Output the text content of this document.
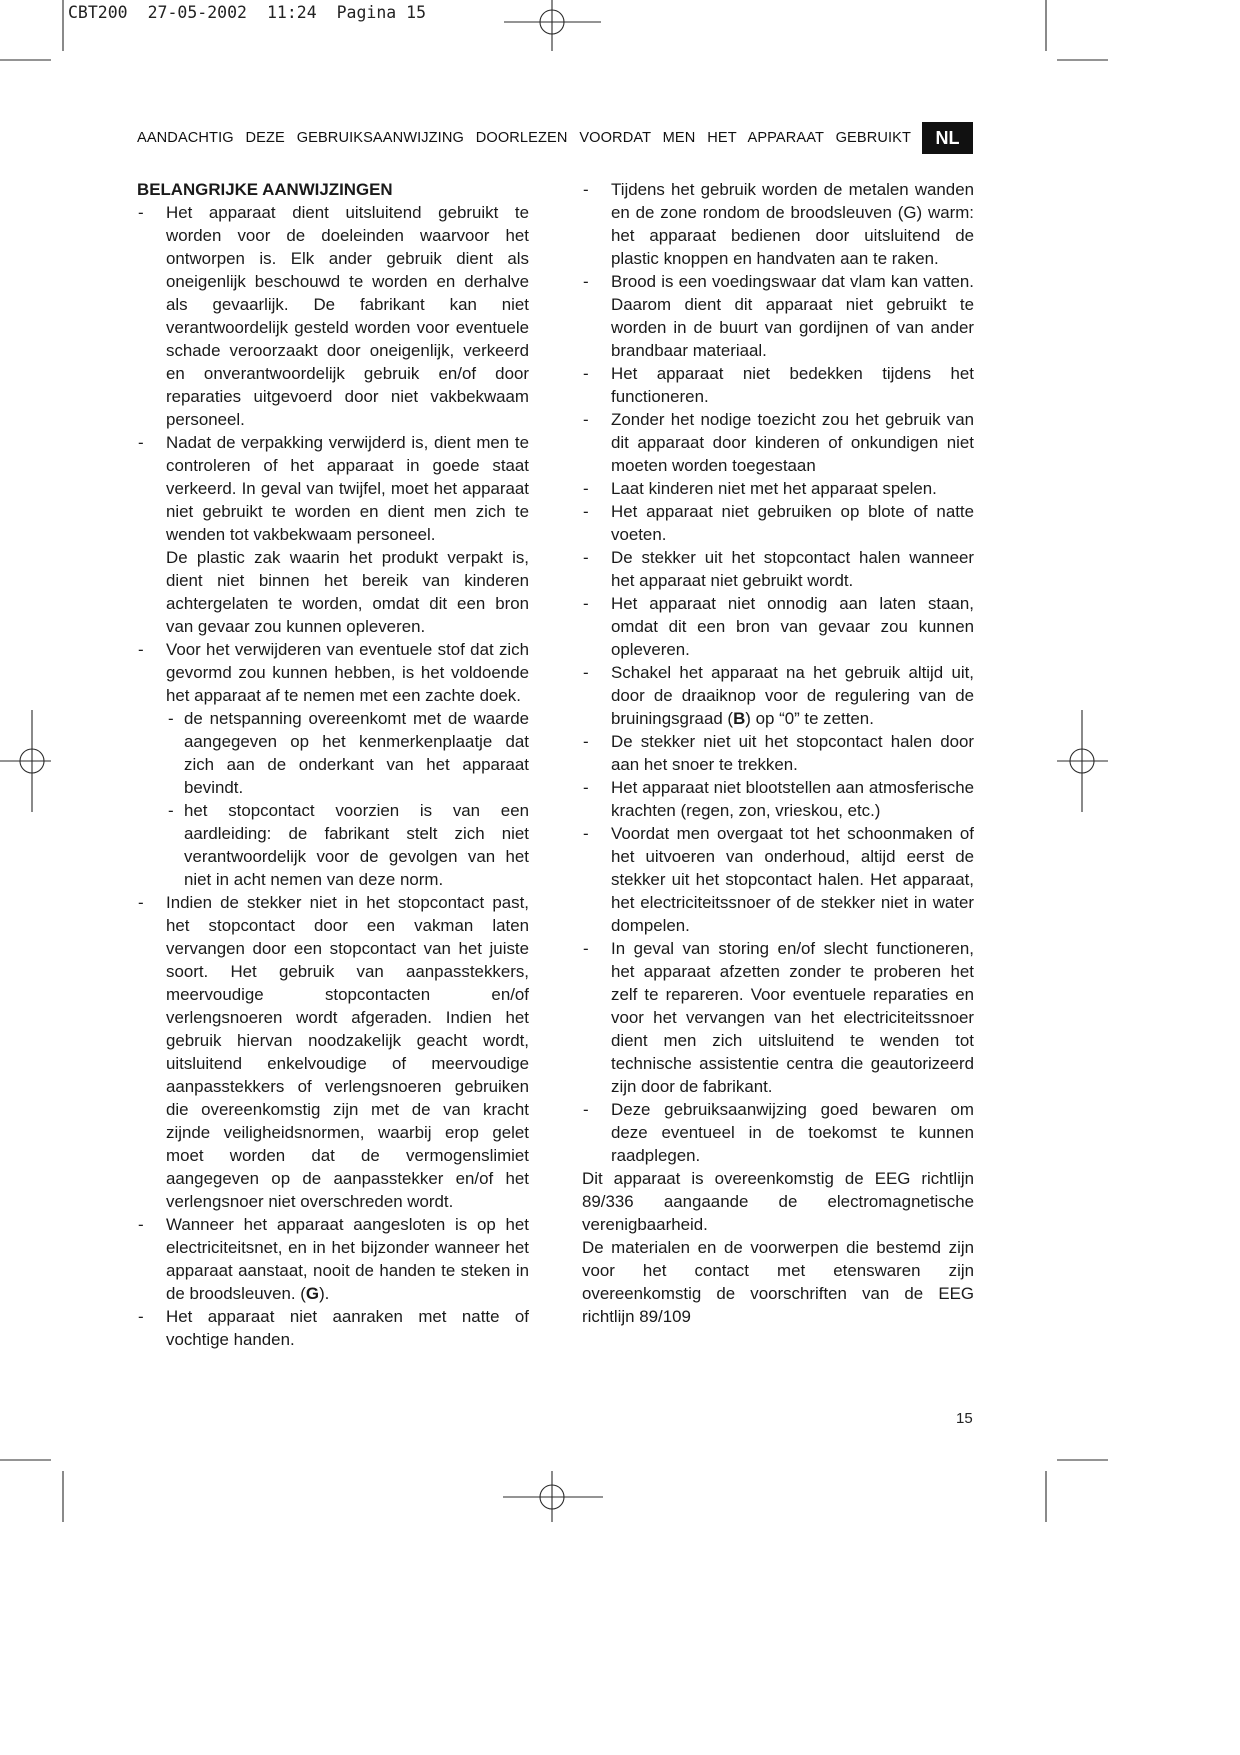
CBT200 27-05-2002 11:24 Pagina 15
AANDACHTIG DEZE GEBRUIKSAANWIJZING DOORLEZEN VOORDAT MEN HET APPARAAT GEBRUIKT	NL
BELANGRIJKE AANWIJZINGEN
- Het apparaat dient uitsluitend gebruikt te worden voor de doeleinden waarvoor het ontworpen is. Elk ander gebruik dient als oneigenlijk beschouwd te worden en derhalve als gevaarlijk. De fabrikant kan niet verantwoordelijk gesteld worden voor eventuele schade veroorzaakt door oneigenlijk, verkeerd en onverantwoordelijk gebruik en/of door reparaties uitgevoerd door niet vakbekwaam personeel.
- Nadat de verpakking verwijderd is, dient men te controleren of het apparaat in goede staat verkeerd. In geval van twijfel, moet het apparaat niet gebruikt te worden en dient men zich te wenden tot vakbekwaam personeel.
De plastic zak waarin het produkt verpakt is, dient niet binnen het bereik van kinderen achtergelaten te worden, omdat dit een bron van gevaar zou kunnen opleveren.
- Voor het verwijderen van eventuele stof dat zich gevormd zou kunnen hebben, is het voldoende het apparaat af te nemen met een zachte doek.
- de netspanning overeenkomt met de waarde aangegeven op het kenmerkenplaatje dat zich aan de onderkant van het apparaat bevindt.
- het stopcontact voorzien is van een aardleiding: de fabrikant stelt zich niet verantwoordelijk voor de gevolgen van het niet in acht nemen van deze norm.
- Indien de stekker niet in het stopcontact past, het stopcontact door een vakman laten vervangen door een stopcontact van het juiste soort. Het gebruik van aanpasstekkers, meervoudige stopcontacten en/of verlengsnoeren wordt afgeraden. Indien het gebruik hiervan noodzakelijk geacht wordt, uitsluitend enkelvoudige of meervoudige aanpasstekkers of verlengsnoeren gebruiken die overeenkomstig zijn met de van kracht zijnde veiligheidsnormen, waarbij erop gelet moet worden dat de vermogenslimiet aangegeven op de aanpasstekker en/of het verlengsnoer niet overschreden wordt.
- Wanneer het apparaat aangesloten is op het electriciteitsnet, en in het bijzonder wanneer het apparaat aanstaat, nooit de handen te steken in de broodsleuven. (G).
- Het apparaat niet aanraken met natte of vochtige handen.
- Tijdens het gebruik worden de metalen wanden en de zone rondom de broodsleuven (G) warm: het apparaat bedienen door uitsluitend de plastic knoppen en handvaten aan te raken.
- Brood is een voedingswaar dat vlam kan vatten. Daarom dient dit apparaat niet gebruikt te worden in de buurt van gordijnen of van ander brandbaar materiaal.
- Het apparaat niet bedekken tijdens het functioneren.
- Zonder het nodige toezicht zou het gebruik van dit apparaat door kinderen of onkundigen niet moeten worden toegestaan
- Laat kinderen niet met het apparaat spelen.
- Het apparaat niet gebruiken op blote of natte voeten.
- De stekker uit het stopcontact halen wanneer het apparaat niet gebruikt wordt.
- Het apparaat niet onnodig aan laten staan, omdat dit een bron van gevaar zou kunnen opleveren.
- Schakel het apparaat na het gebruik altijd uit, door de draaiknop voor de regulering van de bruiningsgraad (B) op “0” te zetten.
- De stekker niet uit het stopcontact halen door aan het snoer te trekken.
- Het apparaat niet blootstellen aan atmosferische krachten (regen, zon, vrieskou, etc.)
- Voordat men overgaat tot het schoonmaken of het uitvoeren van onderhoud, altijd eerst de stekker uit het stopcontact halen. Het apparaat, het electriciteitssnoer of de stekker niet in water dompelen.
- In geval van storing en/of slecht functioneren, het apparaat afzetten zonder te proberen het zelf te repareren. Voor eventuele reparaties en voor het vervangen van het electriciteitssnoer dient men zich uitsluitend te wenden tot technische assistentie centra die geautorizeerd zijn door de fabrikant.
- Deze gebruiksaanwijzing goed bewaren om deze eventueel in de toekomst te kunnen raadplegen.
Dit apparaat is overeenkomstig de EEG richtlijn 89/336 aangaande de electromagnetische verenigbaarheid.
De materialen en de voorwerpen die bestemd zijn voor het contact met etenswaren zijn overeenkomstig de voorschriften van de EEG richtlijn 89/109
15
